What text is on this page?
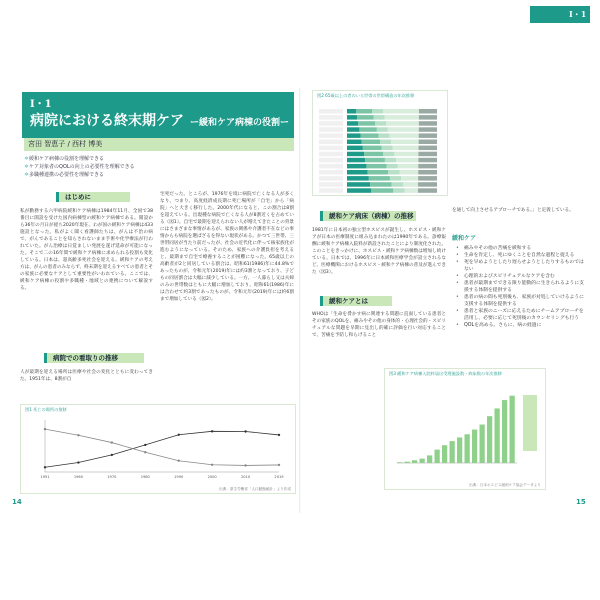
I・1
病院における終末期ケア ー緩和ケア病棟の役割ー
宮田 智恵子 / 西村 博美
＊ 緩和ケア病棟の役割を理解できる
＊ ケア対象者のQOLの向上の必要性を理解できる
＊ 多職種連携の必要性を理解できる
はじめに
私が勤務する六甲病院緩和ケア病棟は1984年11月、全国で38番目に開設を受けた国内病棟型の緩和ケア病棟である。開設から36年の月日が経ち2020年現在、わが国の緩和ケア病棟は433施設となった。私がよく聞く看護師たちは、がんは不治の病で、がんであることを知らされないまま手術や化学療法が行われていた。がん治療は日覚ましい発展を遂げ延命が可能になった。そこで二の16年間で緩和ケア病棟に求められる役割も変化している。日本は、超高齢多死社会を迎える。緩和ケアの考え方は、がんの患者のみならず、終末期を迎えるすべての患者とその家族に必要なケアとして重要性がいわれている。ここでは、緩和ケア病棟の役割や多職種・地域との連携について解説する。
病院での看取りの推移
人が最期を迎える場所は医療や社会の変化とともに変わってきた。1951年は、8割が自
宅死だった。ところが、1976年を境に病院で亡くなる人が多くなり、つまり、高度経済成長期に死亡場所が「自宅」から「病院」へと大きく移行した。2000年代になると、この割合は8割を超えている。出現種な病院で亡くなる人が8割近くを占めている（図1）。自宅で最期を迎えられない人が増えてきたことの背景にはさまざまな事情があるが、家族の関係や介護者不在などの事情からも病院を選ばざるを得ない現状がある。かつて三世帯、三世帯同居が当たり前だったが、社会の近代化に伴って核家族化が進むようになっている。そのため、家族への介護負担を考えると、最期まで自宅で療養することが困難になった。65歳以上の高齢者が2と同居している割合は、昭和61(1986)年に44.8%であったものが、令和元年(2019)年には約3割となっており、子どもの同居割合は大幅に減少している。一方、一人暮らし又は夫婦のみの世帯数はともに大幅に増加しており、昭和61(1986)年には合わせて約3割であったものが、令和元年(2019)年には約6割まで増加している（図2）。
図1 死亡の場所の推移
1951	1960	1970	1980	1990	2000	2010	2019
出典：厚生労働省「人口動態統計」より作成
14
図2 65歳以上の者のいる世帯の世帯構造の年次推移
緩和ケア病床（病棟）の推移
1981年に日本初の独立型ホスピスが誕生し、ホスピス・緩和ケアが日本の医療制度に組み込まれたのは1990年である。診療報酬に緩和ケア病棟入院料が新設されたことにより制度化された。このことをきっかけに、ホスピス・緩和ケア病棟数は増加し続けている。日本では、1996年に日本緩和医療学会が設立されるなど、医療機関におけるホスピス・緩和ケア病棟の普及が進んできた（図3）。
緩和ケアとは
WHOは「生命を脅かす病に関連する問題に直面している患者とその家族のQOLを、痛みやその他の身体的・心理社会的・スピリチュアルな問題を早期に見出し的確に評価を行い対応することで、苦痛を予防し和らげること
を通して向上させるアプローチである。」と定義している。
緩和ケア
• 痛みやその他の苦痛を緩和する
• 生命を肯定し、死にゆくことを自然な過程と捉える
• 死を早めようとしたり遅らせようとしたりするものではない
• 心理的およびスピリチュアルなケアを含む
• 患者が最期までできる限り能動的に生きられるように支援する体制を提供する
• 患者の病の間も死別後も、家族が対処していけるように支援する体制を提供する
• 患者と家族のニーズに応えるためにチームアプローチを活用し、必要に応じて死別後のカウンセリングも行う
• QOLを高める。さらに、病の経過に
図3 緩和ケア病棟入院料届出受理施設数・病床数の年次推移
出典：日本ホスピス緩和ケア協会データより
15
I・1
